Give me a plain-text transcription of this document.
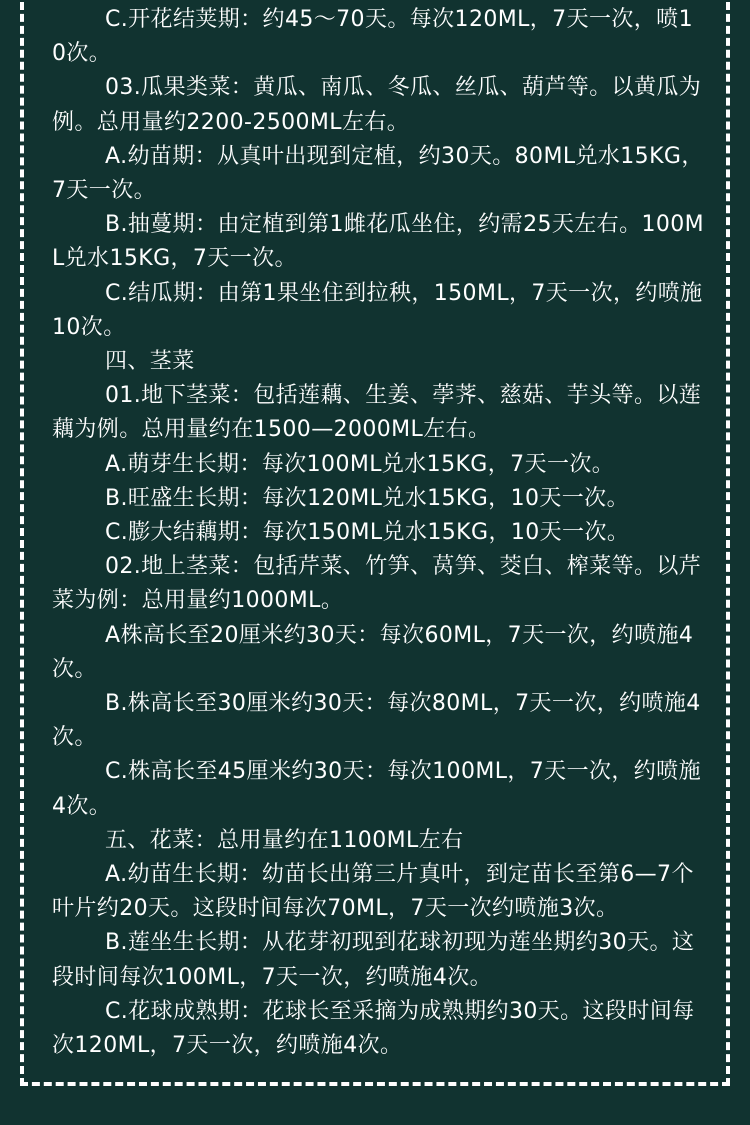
C.开花结荚期：约45～70天。每次120ML，7天一次，喷10次。

03.瓜果类菜：黄瓜、南瓜、冬瓜、丝瓜、葫芦等。以黄瓜为例。总用量约2200-2500ML左右。

A.幼苗期：从真叶出现到定植，约30天。80ML兑水15KG，7天一次。

B.抽蔓期：由定植到第1雌花瓜坐住，约需25天左右。100ML兑水15KG，7天一次。

C.结瓜期：由第1果坐住到拉秧，150ML，7天一次，约喷施10次。

四、茎菜

01.地下茎菜：包括莲藕、生姜、荸荠、慈菇、芋头等。以莲藕为例。总用量约在1500—2000ML左右。

A.萌芽生长期：每次100ML兑水15KG，7天一次。

B.旺盛生长期：每次120ML兑水15KG，10天一次。

C.膨大结藕期：每次150ML兑水15KG，10天一次。

02.地上茎菜：包括芹菜、竹笋、莴笋、茭白、榨菜等。以芹菜为例：总用量约1000ML。

A株高长至20厘米约30天：每次60ML，7天一次，约喷施4次。

B.株高长至30厘米约30天：每次80ML，7天一次，约喷施4次。

C.株高长至45厘米约30天：每次100ML，7天一次，约喷施4次。

五、花菜：总用量约在1100ML左右

A.幼苗生长期：幼苗长出第三片真叶，到定苗长至第6—7个叶片约20天。这段时间每次70ML，7天一次约喷施3次。

B.莲坐生长期：从花芽初现到花球初现为莲坐期约30天。这段时间每次100ML，7天一次，约喷施4次。

C.花球成熟期：花球长至采摘为成熟期约30天。这段时间每次120ML，7天一次，约喷施4次。
